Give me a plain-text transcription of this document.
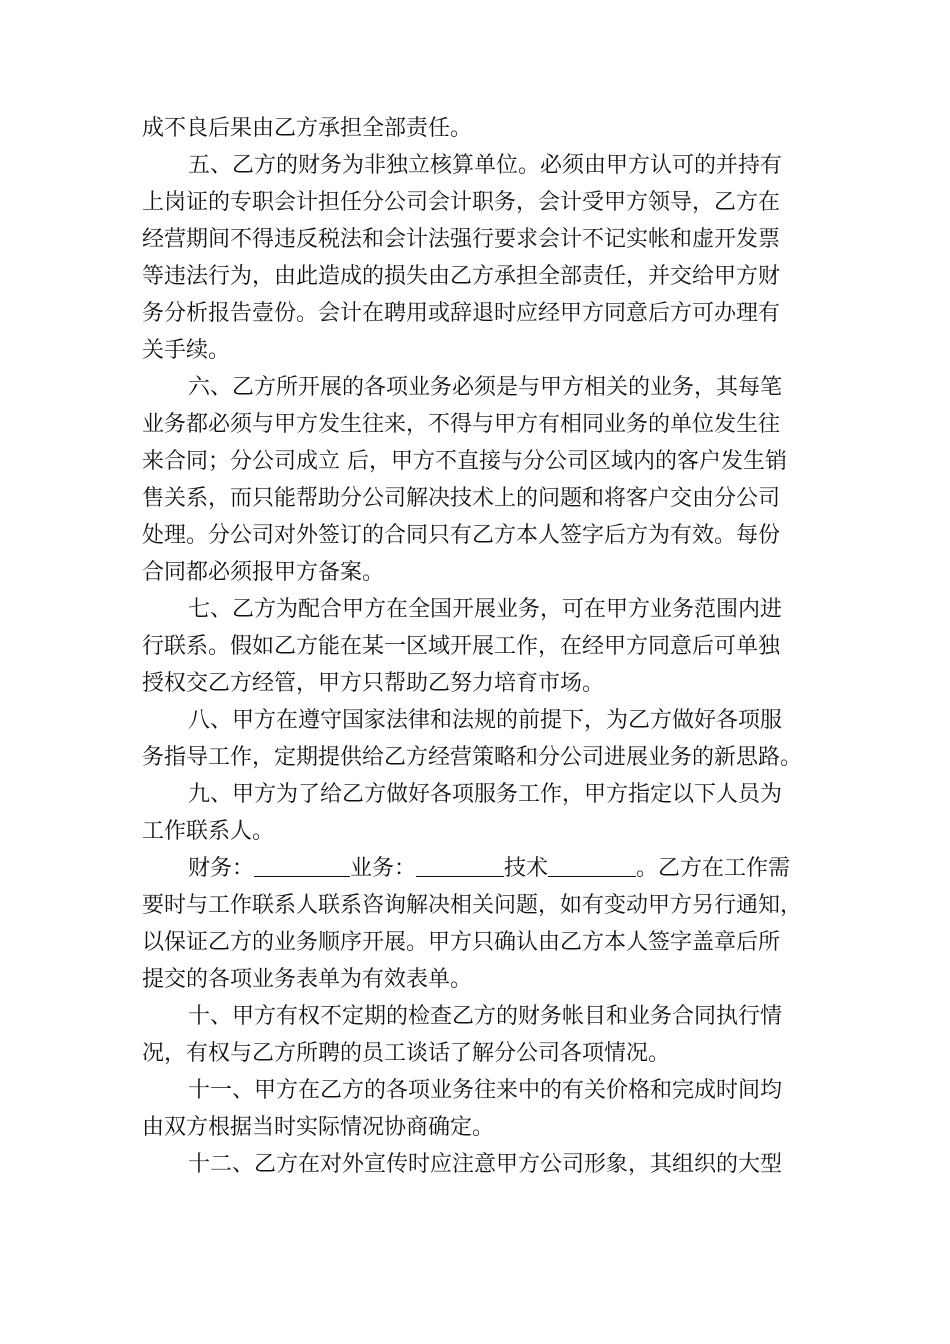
成不良后果由乙方承担全部责任。

五、乙方的财务为非独立核算单位。必须由甲方认可的并持有

上岗证的专职会计担任分公司会计职务，会计受甲方领导，乙方在

经营期间不得违反税法和会计法强行要求会计不记实帐和虚开发票

等违法行为，由此造成的损失由乙方承担全部责任，并交给甲方财

务分析报告壹份。会计在聘用或辞退时应经甲方同意后方可办理有

关手续。

六、乙方所开展的各项业务必须是与甲方相关的业务，其每笔

业务都必须与甲方发生往来，不得与甲方有相同业务的单位发生往

来合同；分公司成立 后，甲方不直接与分公司区域内的客户发生销

售关系，而只能帮助分公司解决技术上的问题和将客户交由分公司

处理。分公司对外签订的合同只有乙方本人签字后方为有效。每份

合同都必须报甲方备案。

七、乙方为配合甲方在全国开展业务，可在甲方业务范围内进

行联系。假如乙方能在某一区域开展工作，在经甲方同意后可单独

授权交乙方经管，甲方只帮助乙努力培育市场。

八、甲方在遵守国家法律和法规的前提下，为乙方做好各项服

务指导工作，定期提供给乙方经营策略和分公司进展业务的新思路。

九、甲方为了给乙方做好各项服务工作，甲方指定以下人员为

工作联系人。

财务：	业务：	技术	。乙方在工作需

要时与工作联系人联系咨询解决相关问题，如有变动甲方另行通知，

以保证乙方的业务顺序开展。甲方只确认由乙方本人签字盖章后所

提交的各项业务表单为有效表单。

十、甲方有权不定期的检查乙方的财务帐目和业务合同执行情

况，有权与乙方所聘的员工谈话了解分公司各项情况。

十一、甲方在乙方的各项业务往来中的有关价格和完成时间均

由双方根据当时实际情况协商确定。

十二、乙方在对外宣传时应注意甲方公司形象，其组织的大型
